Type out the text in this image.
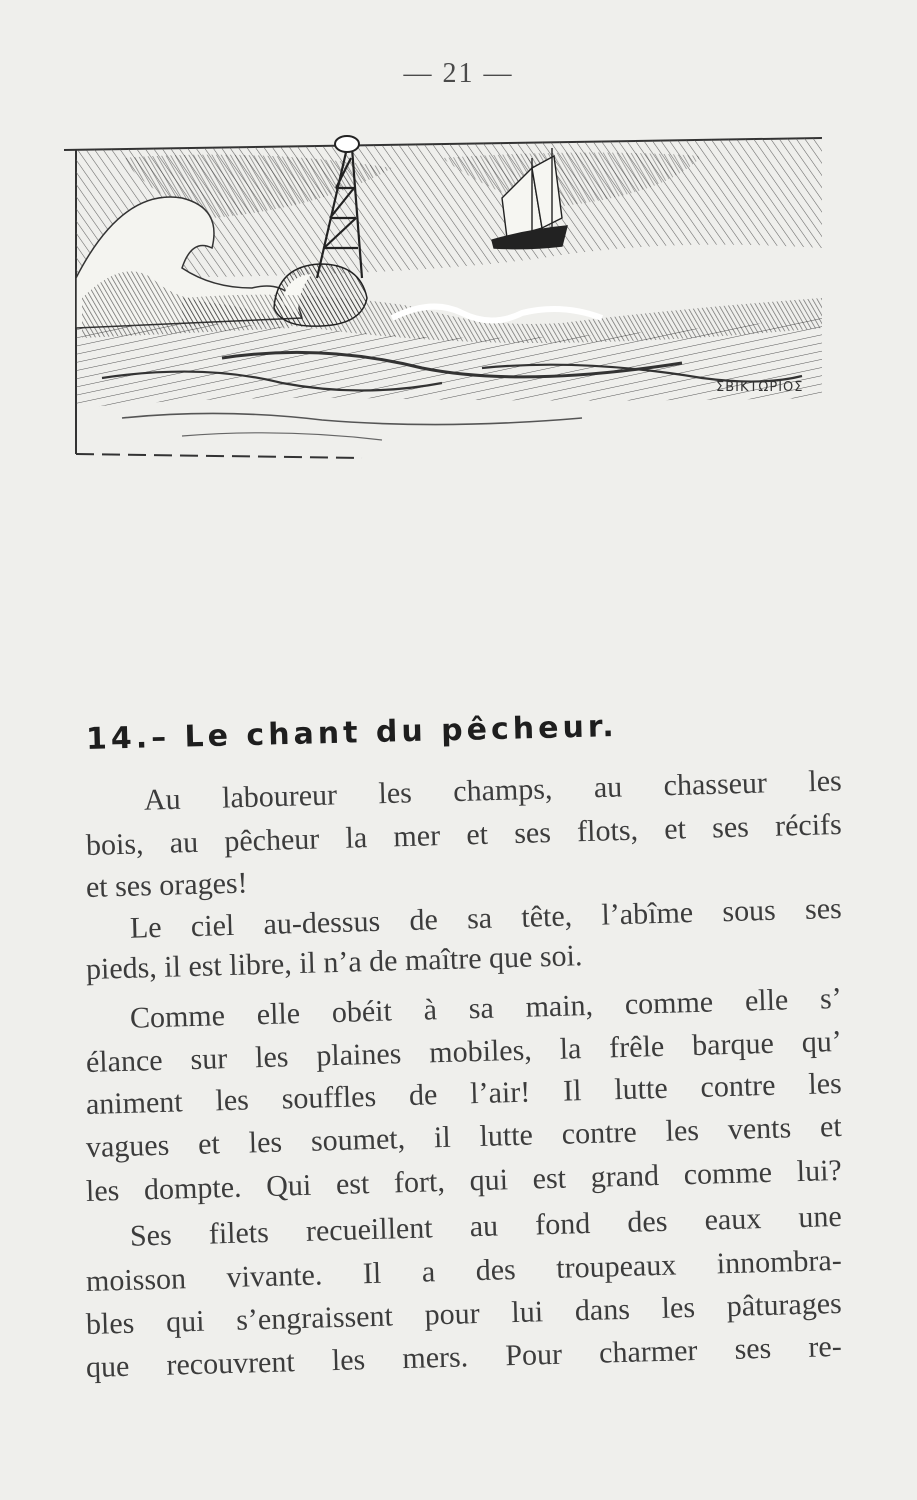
— 21 —
ΣΒΙΚΤΩΡΙΟΣ
14.– Le chant du pêcheur.
Au laboureur les champs, au chasseur les
bois, au pêcheur la mer et ses flots, et ses récifs
et ses orages!
Le ciel au-dessus de sa tête, l’abîme sous ses
pieds, il est libre, il n’a de maître que soi.
Comme elle obéit à sa main, comme elle s’
élance sur les plaines mobiles, la frêle barque qu’
animent les souffles de l’air! Il lutte contre les
vagues et les soumet, il lutte contre les vents et
les dompte. Qui est fort, qui est grand comme lui?
Ses filets recueillent au fond des eaux une
moisson vivante. Il a des troupeaux innombra-
bles qui s’engraissent pour lui dans les pâturages
que recouvrent les mers. Pour charmer ses re-
